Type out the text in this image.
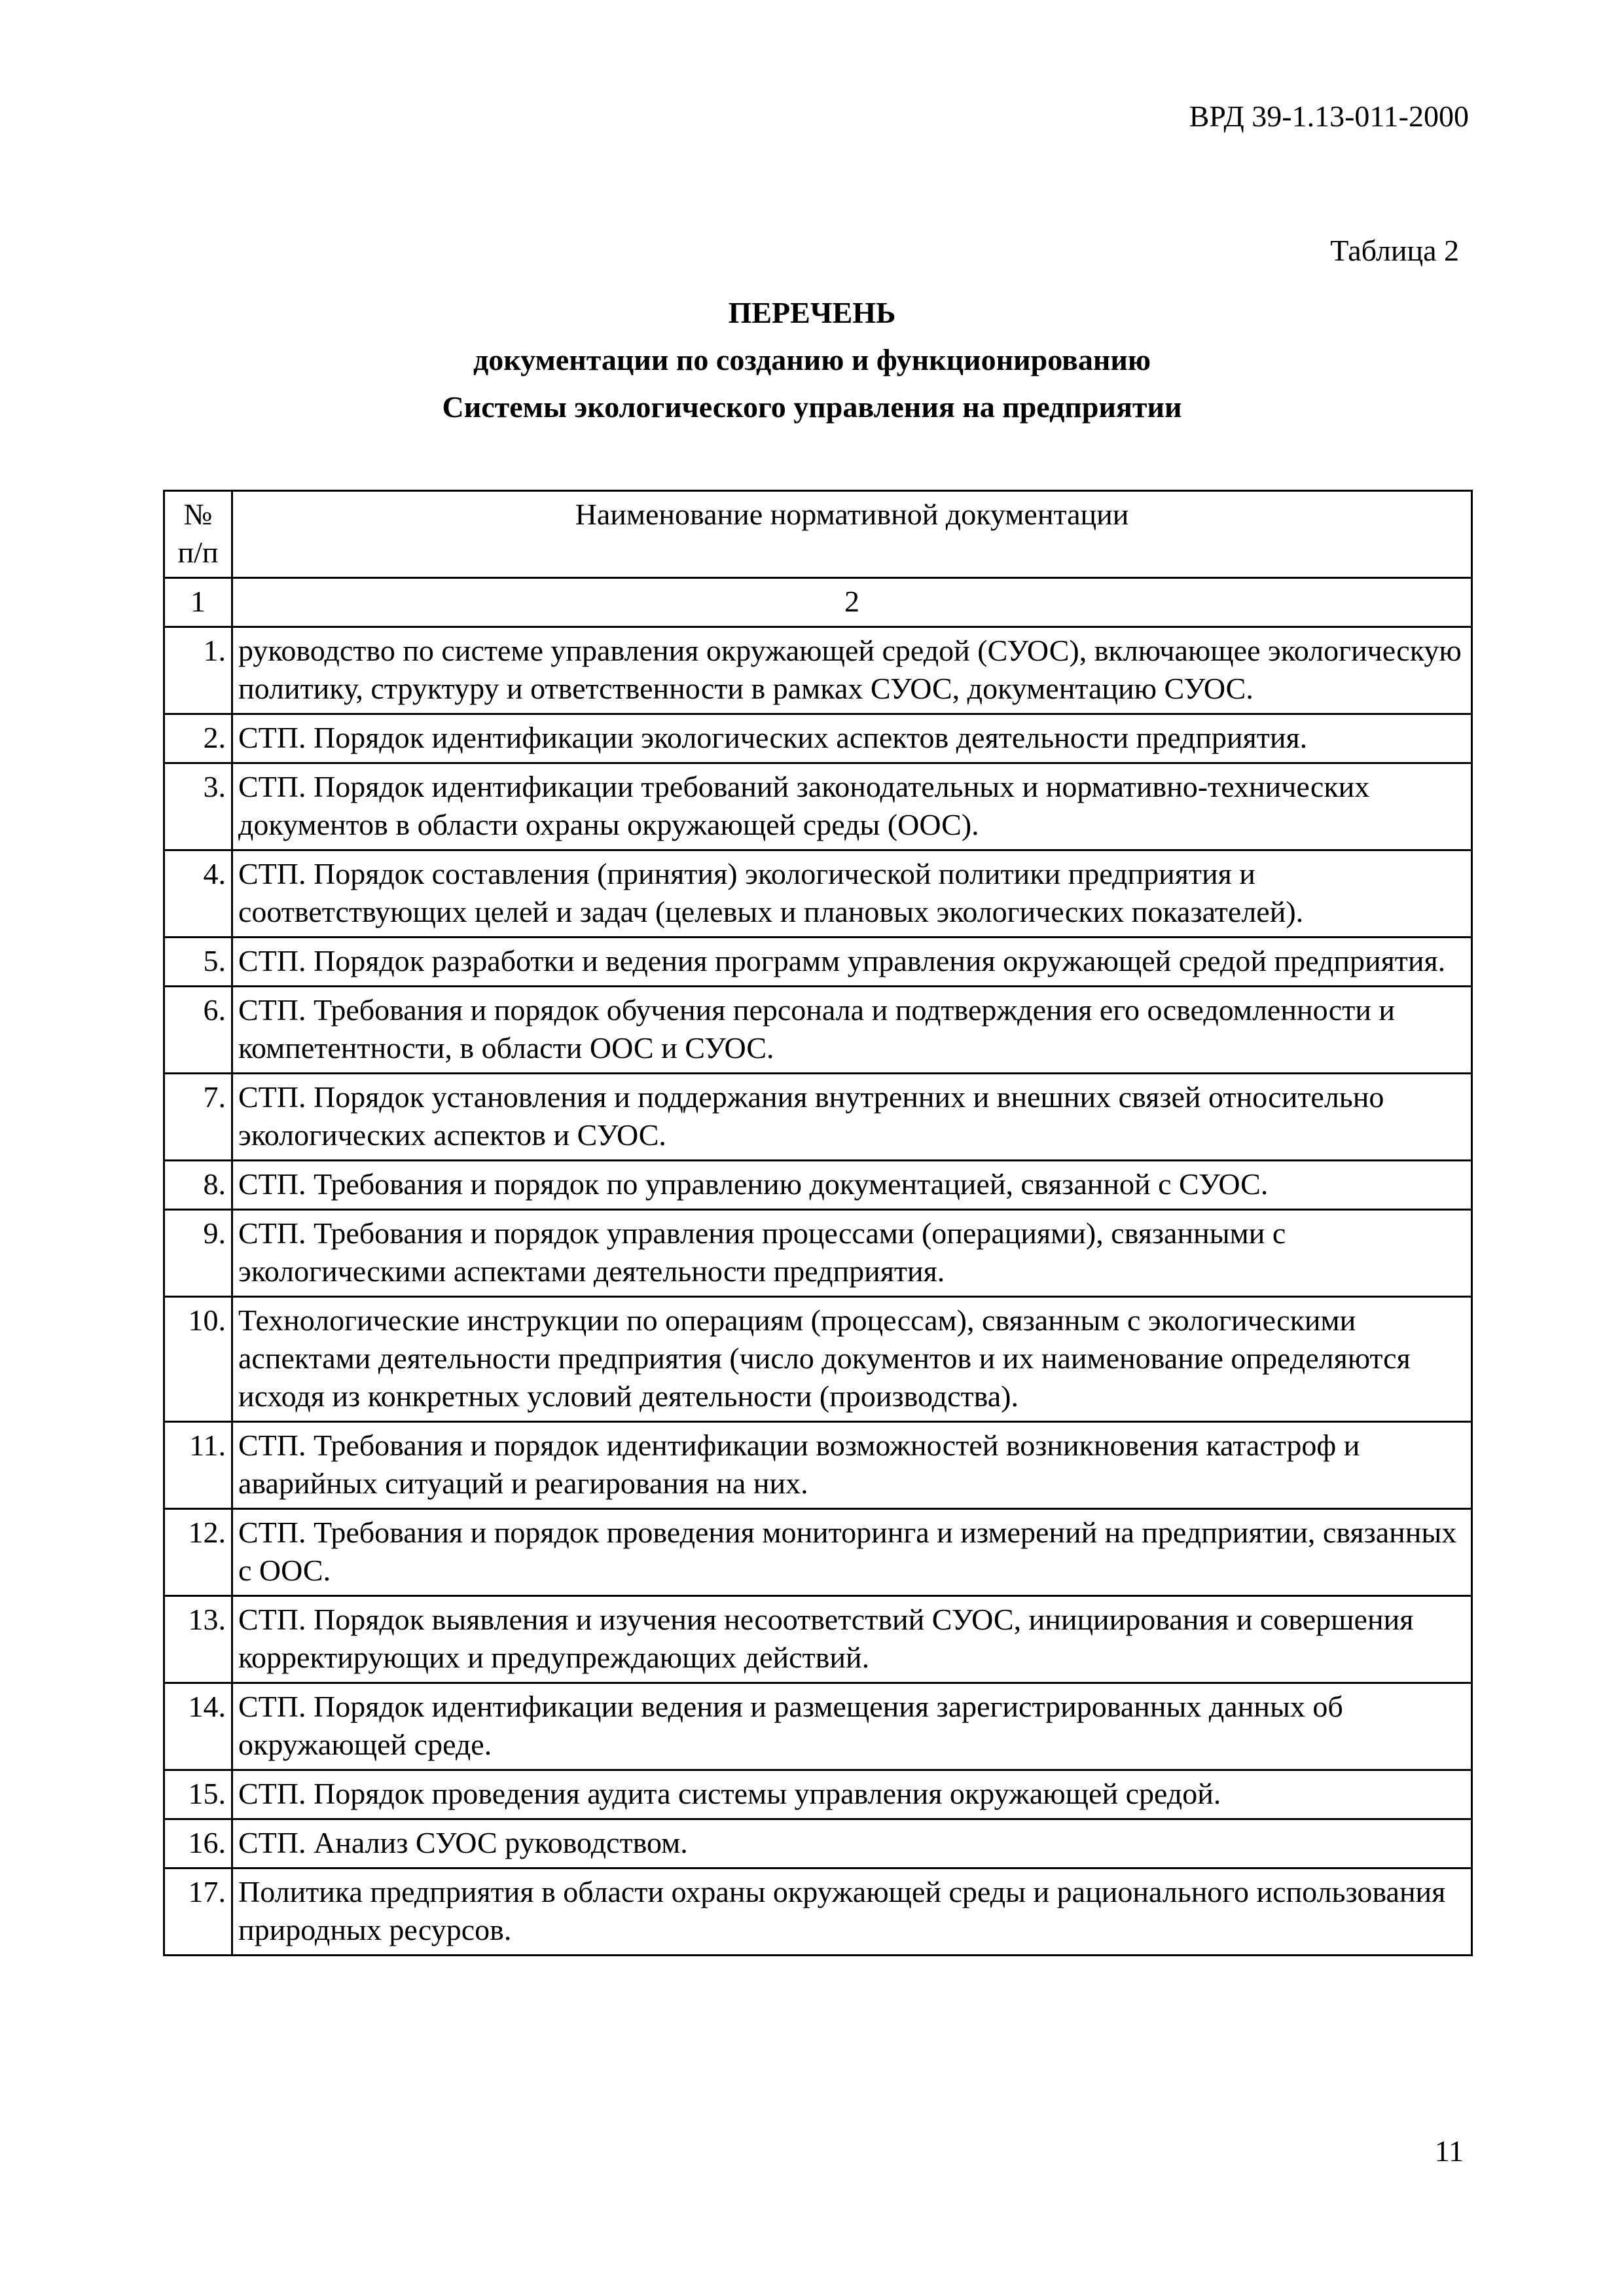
ВРД 39-1.13-011-2000
Таблица 2
ПЕРЕЧЕНЬ
документации по созданию и функционированию
Системы экологического управления на предприятии
№ п/п	Наименование нормативной документации
1	2
1.	руководство по системе управления окружающей средой (СУОС), включающее экологическую политику, структуру и ответственности в рамках СУОС, документацию СУОС.
2.	СТП. Порядок идентификации экологических аспектов деятельности предприятия.
3.	СТП. Порядок идентификации требований законодательных и нормативно-технических документов в области охраны окружающей среды (ООС).
4.	СТП. Порядок составления (принятия) экологической политики предприятия и соответствующих целей и задач (целевых и плановых экологических показателей).
5.	СТП. Порядок разработки и ведения программ управления окружающей средой предприятия.
6.	СТП. Требования и порядок обучения персонала и подтверждения его осведомленности и компетентности, в области ООС и СУОС.
7.	СТП. Порядок установления и поддержания внутренних и внешних связей относительно экологических аспектов и СУОС.
8.	СТП. Требования и порядок по управлению документацией, связанной с СУОС.
9.	СТП. Требования и порядок управления процессами (операциями), связанными с экологическими аспектами деятельности предприятия.
10.	Технологические инструкции по операциям (процессам), связанным с экологическими аспектами деятельности предприятия (число документов и их наименование определяются исходя из конкретных условий деятельности (производства).
11.	СТП. Требования и порядок идентификации возможностей возникновения катастроф и аварийных ситуаций и реагирования на них.
12.	СТП. Требования и порядок проведения мониторинга и измерений на предприятии, связанных с ООС.
13.	СТП. Порядок выявления и изучения несоответствий СУОС, инициирования и совершения корректирующих и предупреждающих действий.
14.	СТП. Порядок идентификации ведения и размещения зарегистрированных данных об окружающей среде.
15.	СТП. Порядок проведения аудита системы управления окружающей средой.
16.	СТП. Анализ СУОС руководством.
17.	Политика предприятия в области охраны окружающей среды и рационального использования природных ресурсов.
11
